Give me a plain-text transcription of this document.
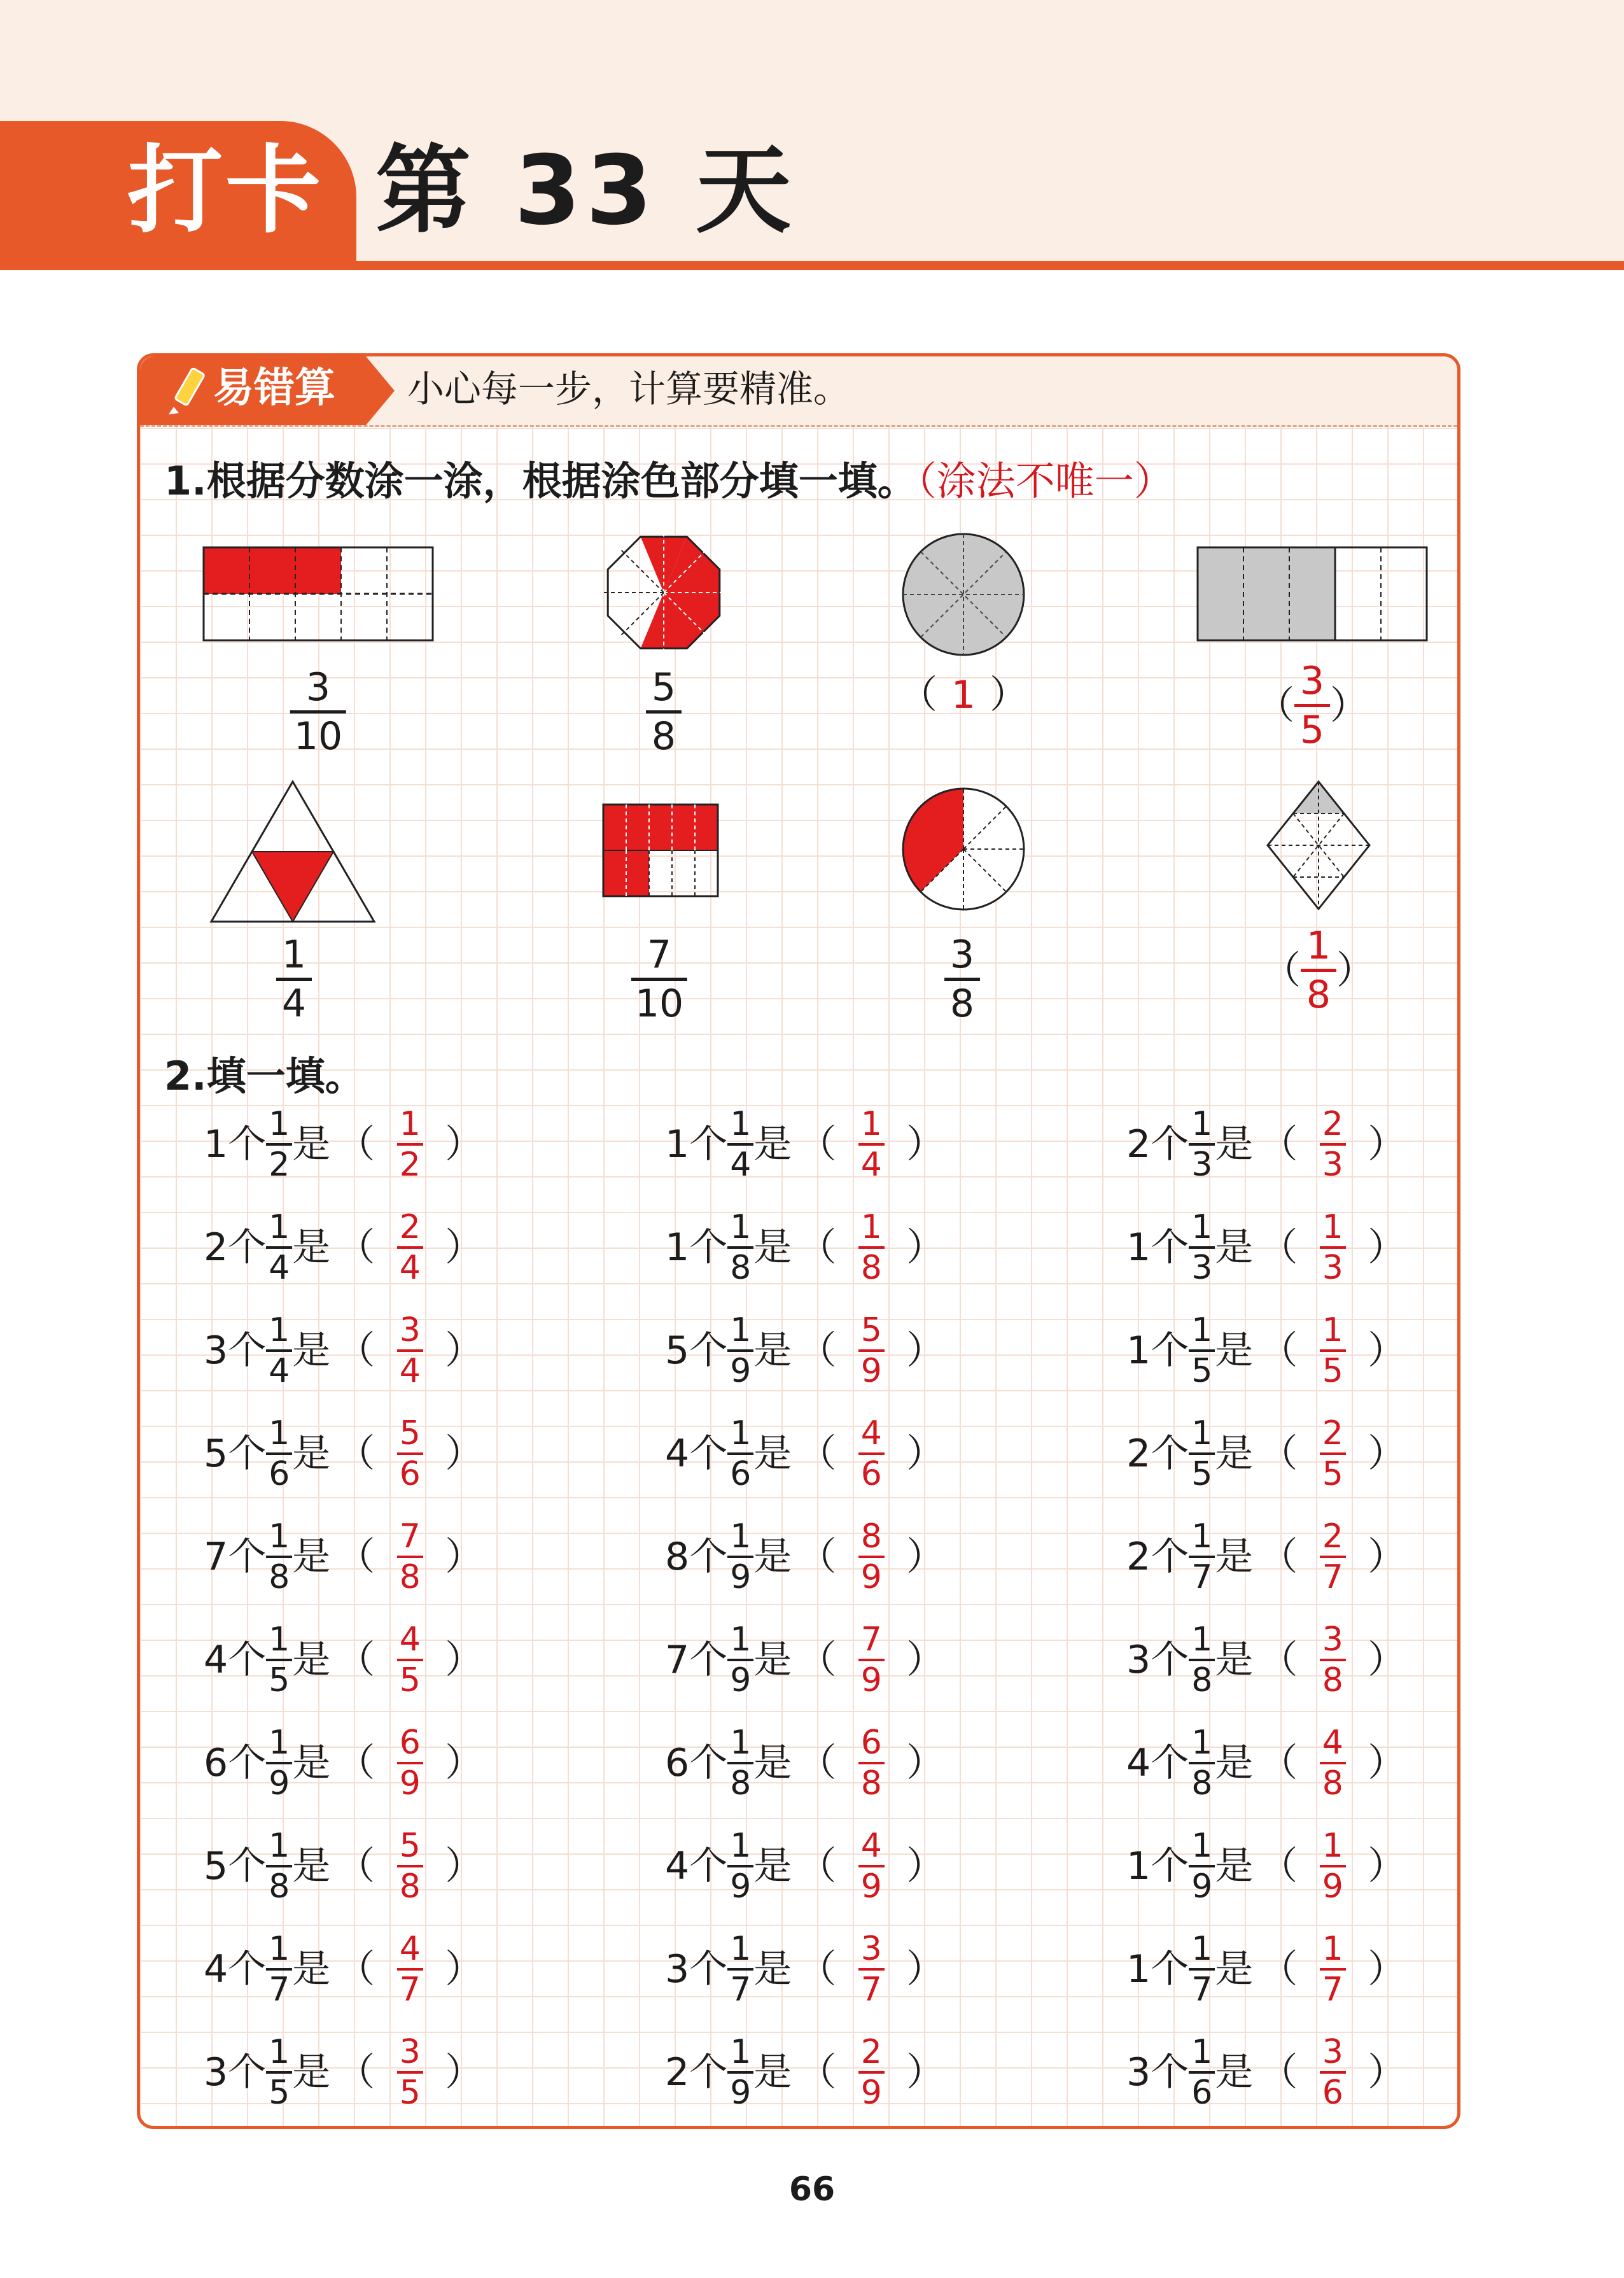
打卡 第 33 天
易错算 小心每一步，计算要精准。
1.根据分数涂一涂，根据涂色部分填一填。（涂法不唯一）
3
10
5
8
（ 1 ）	（
3
5
）
1
4
7
10
3
8
（
1
8
）
2.填一填。
1 个 $\frac{1}{2}$ 是 （ $\frac{1}{2}$ ）
2 个 $\frac{1}{4}$ 是 （ $\frac{2}{4}$ ）
3 个 $\frac{1}{4}$ 是 （ $\frac{3}{4}$ ）
5 个 $\frac{1}{6}$ 是 （ $\frac{5}{6}$ ）
7 个 $\frac{1}{8}$ 是 （ $\frac{7}{8}$ ）
4 个 $\frac{1}{5}$ 是 （ $\frac{4}{5}$ ）
6 个 $\frac{1}{9}$ 是 （ $\frac{6}{9}$ ）
5 个 $\frac{1}{8}$ 是 （ $\frac{5}{8}$ ）
4 个 $\frac{1}{7}$ 是 （ $\frac{4}{7}$ ）
3 个 $\frac{1}{5}$ 是 （ $\frac{3}{5}$ ）
1 个 $\frac{1}{4}$ 是 （ $\frac{1}{4}$ ）
1 个 $\frac{1}{8}$ 是 （ $\frac{1}{8}$ ）
5 个 $\frac{1}{9}$ 是 （ $\frac{5}{9}$ ）
4 个 $\frac{1}{6}$ 是 （ $\frac{4}{6}$ ）
8 个 $\frac{1}{9}$ 是 （ $\frac{8}{9}$ ）
7 个 $\frac{1}{9}$ 是 （ $\frac{7}{9}$ ）
6 个 $\frac{1}{8}$ 是 （ $\frac{6}{8}$ ）
4 个 $\frac{1}{9}$ 是 （ $\frac{4}{9}$ ）
3 个 $\frac{1}{7}$ 是 （ $\frac{3}{7}$ ）
2 个 $\frac{1}{9}$ 是 （ $\frac{2}{9}$ ）
2 个 $\frac{1}{3}$ 是 （ $\frac{2}{3}$ ）
1 个 $\frac{1}{3}$ 是 （ $\frac{1}{3}$ ）
1 个 $\frac{1}{5}$ 是 （ $\frac{1}{5}$ ）
2 个 $\frac{1}{5}$ 是 （ $\frac{2}{5}$ ）
2 个 $\frac{1}{7}$ 是 （ $\frac{2}{7}$ ）
3 个 $\frac{1}{8}$ 是 （ $\frac{3}{8}$ ）
4 个 $\frac{1}{8}$ 是 （ $\frac{4}{8}$ ）
1 个 $\frac{1}{9}$ 是 （ $\frac{1}{9}$ ）
1 个 $\frac{1}{7}$ 是 （ $\frac{1}{7}$ ）
3 个 $\frac{1}{6}$ 是 （ $\frac{3}{6}$ ）
66
